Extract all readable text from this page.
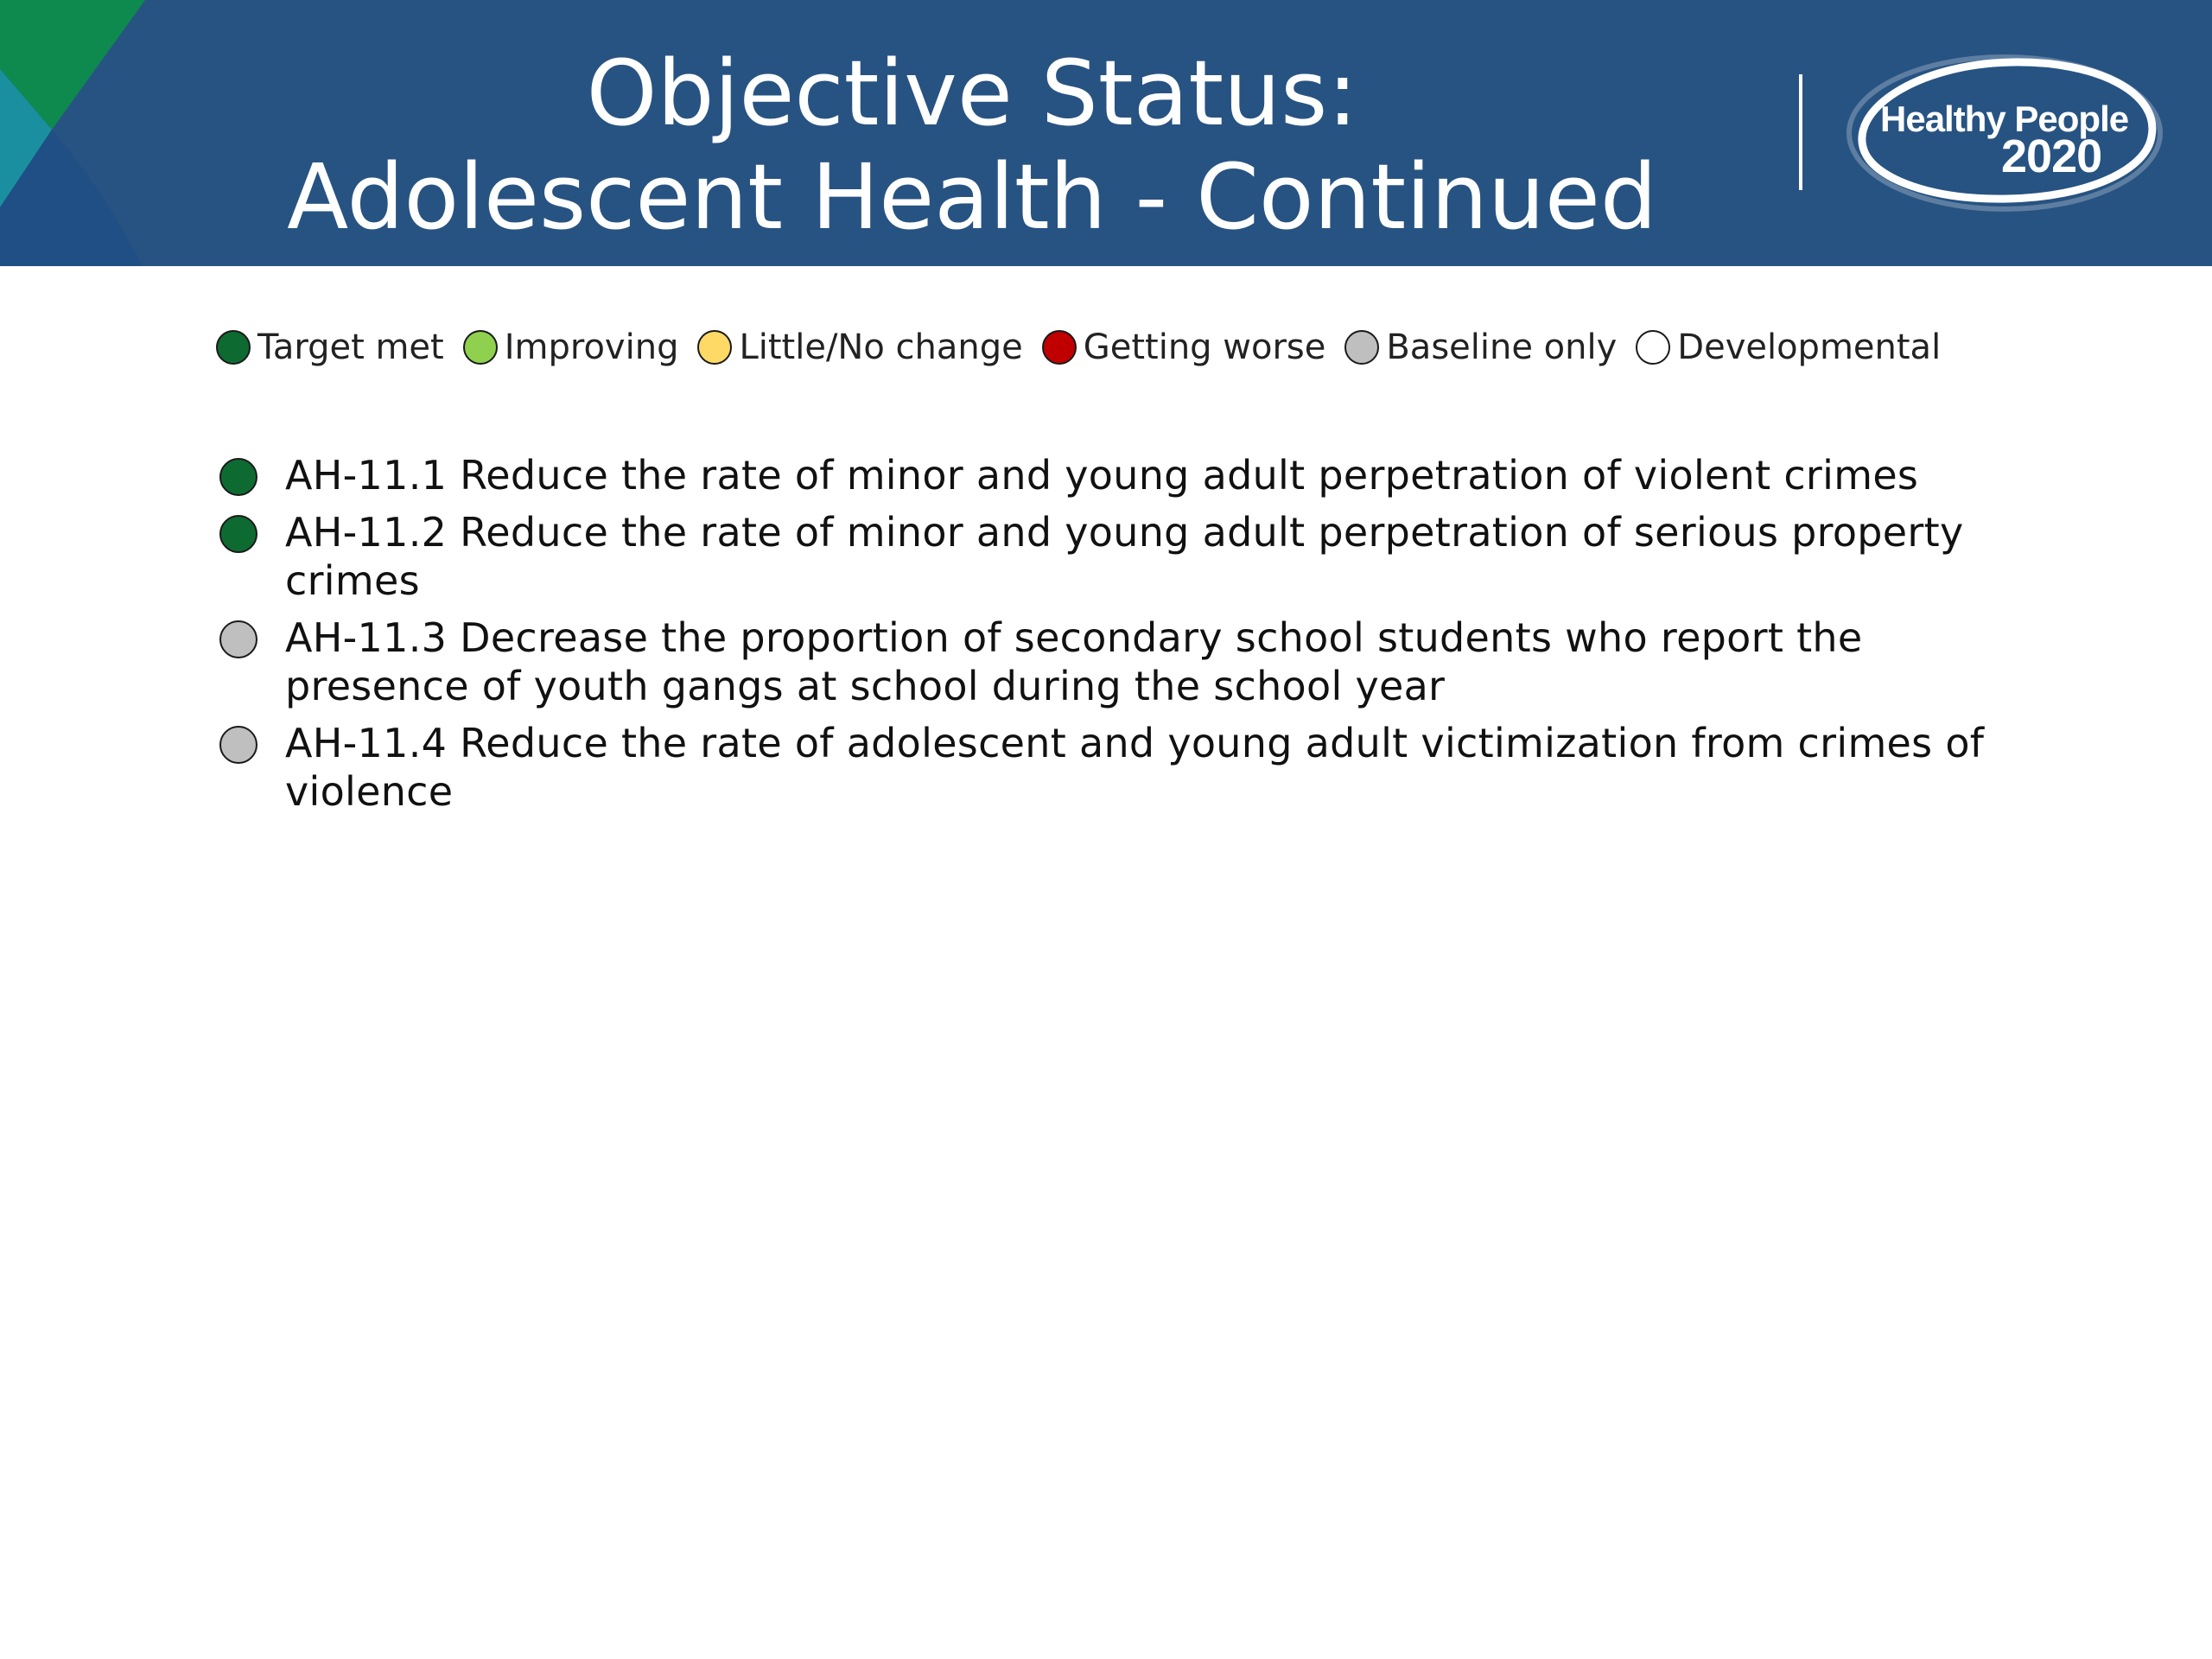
Objective Status:
Adolescent Health - Continued
Healthy People
2020
Target met Improving Little/No change Getting worse Baseline only Developmental
AH-11.1 Reduce the rate of minor and young adult perpetration of violent crimes
AH-11.2 Reduce the rate of minor and young adult perpetration of serious property crimes
AH-11.3 Decrease the proportion of secondary school students who report the presence of youth gangs at school during the school year
AH-11.4 Reduce the rate of adolescent and young adult victimization from crimes of violence
